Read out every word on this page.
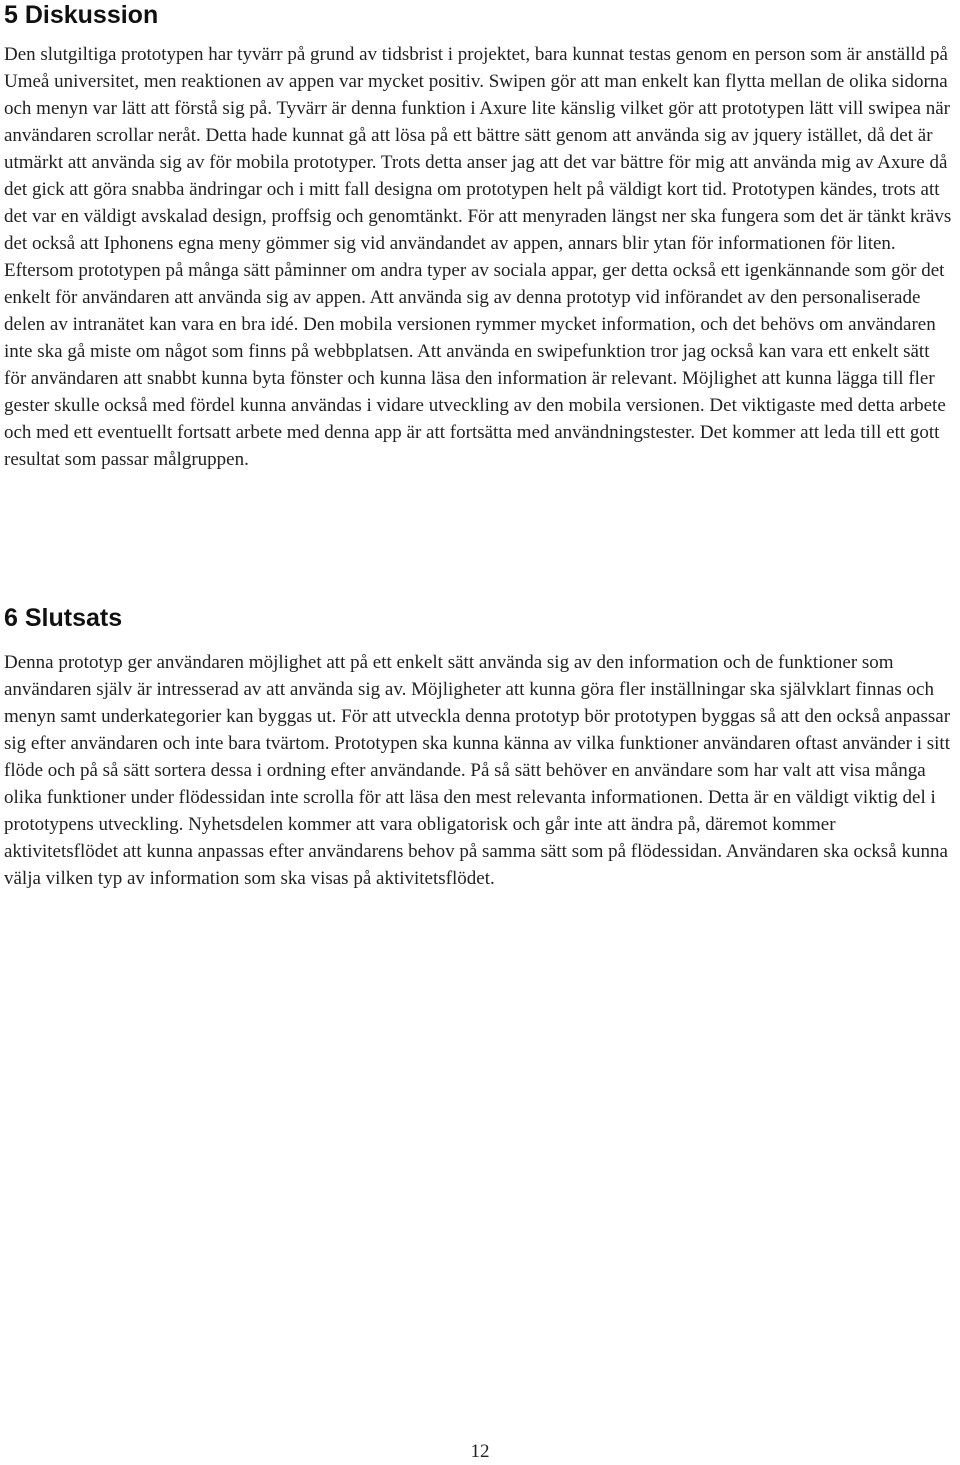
5 Diskussion

Den slutgiltiga prototypen har tyvärr på grund av tidsbrist i projektet, bara kunnat testas genom en person som är anställd på Umeå universitet, men reaktionen av appen var mycket positiv. Swipen gör att man enkelt kan flytta mellan de olika sidorna och menyn var lätt att förstå sig på. Tyvärr är denna funktion i Axure lite känslig vilket gör att prototypen lätt vill swipea när användaren scrollar neråt. Detta hade kunnat gå att lösa på ett bättre sätt genom att använda sig av jquery istället, då det är utmärkt att använda sig av för mobila prototyper. Trots detta anser jag att det var bättre för mig att använda mig av Axure då det gick att göra snabba ändringar och i mitt fall designa om prototypen helt på väldigt kort tid. Prototypen kändes, trots att det var en väldigt avskalad design, proffsig och genomtänkt. För att menyraden längst ner ska fungera som det är tänkt krävs det också att Iphonens egna meny gömmer sig vid användandet av appen, annars blir ytan för informationen för liten. Eftersom prototypen på många sätt påminner om andra typer av sociala appar, ger detta också ett igenkännande som gör det enkelt för användaren att använda sig av appen. Att använda sig av denna prototyp vid införandet av den personaliserade delen av intranätet kan vara en bra idé. Den mobila versionen rymmer mycket information, och det behövs om användaren inte ska gå miste om något som finns på webbplatsen. Att använda en swipefunktion tror jag också kan vara ett enkelt sätt för användaren att snabbt kunna byta fönster och kunna läsa den information är relevant. Möjlighet att kunna lägga till fler gester skulle också med fördel kunna användas i vidare utveckling av den mobila versionen. Det viktigaste med detta arbete och med ett eventuellt fortsatt arbete med denna app är att fortsätta med användningstester. Det kommer att leda till ett gott resultat som passar målgruppen.

6 Slutsats

Denna prototyp ger användaren möjlighet att på ett enkelt sätt använda sig av den information och de funktioner som användaren själv är intresserad av att använda sig av. Möjligheter att kunna göra fler inställningar ska självklart finnas och menyn samt underkategorier kan byggas ut. För att utveckla denna prototyp bör prototypen byggas så att den också anpassar sig efter användaren och inte bara tvärtom. Prototypen ska kunna känna av vilka funktioner användaren oftast använder i sitt flöde och på så sätt sortera dessa i ordning efter användande. På så sätt behöver en användare som har valt att visa många olika funktioner under flödessidan inte scrolla för att läsa den mest relevanta informationen. Detta är en väldigt viktig del i prototypens utveckling. Nyhetsdelen kommer att vara obligatorisk och går inte att ändra på, däremot kommer aktivitetsflödet att kunna anpassas efter användarens behov på samma sätt som på flödessidan. Användaren ska också kunna välja vilken typ av information som ska visas på aktivitetsflödet.

12
